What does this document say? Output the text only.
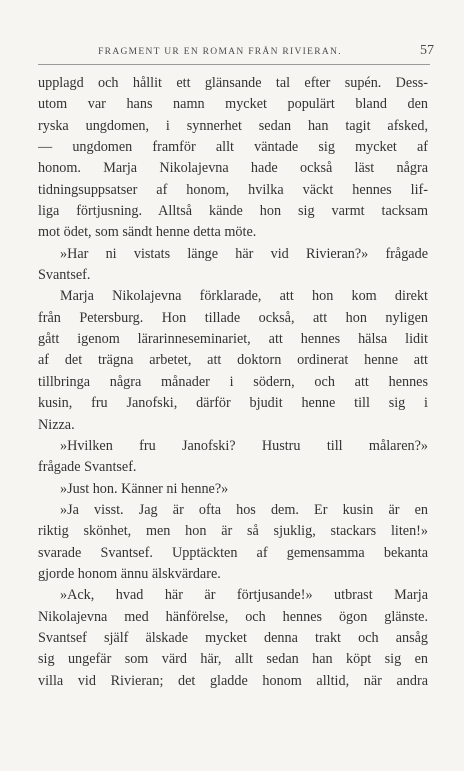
FRAGMENT UR EN ROMAN FRÅN RIVIERAN.	57
upplagd och hållit ett glänsande tal efter supén. Dess-
utom var hans namn mycket populärt bland den
ryska ungdomen, i synnerhet sedan han tagit afsked,
— ungdomen framför allt väntade sig mycket af
honom. Marja Nikolajevna hade också läst några
tidningsuppsatser af honom, hvilka väckt hennes lif-
liga förtjusning. Alltså kände hon sig varmt tacksam
mot ödet, som sändt henne detta möte.
»Har ni vistats länge här vid Rivieran?» frågade
Svantsef.
Marja Nikolajevna förklarade, att hon kom direkt
från Petersburg. Hon tillade också, att hon nyligen
gått igenom lärarinneseminariet, att hennes hälsa lidit
af det trägna arbetet, att doktorn ordinerat henne att
tillbringa några månader i södern, och att hennes
kusin, fru Janofski, därför bjudit henne till sig i
Nizza.
»Hvilken fru Janofski? Hustru till målaren?»
frågade Svantsef.
»Just hon. Känner ni henne?»
»Ja visst. Jag är ofta hos dem. Er kusin är en
riktig skönhet, men hon är så sjuklig, stackars liten!»
svarade Svantsef. Upptäckten af gemensamma bekanta
gjorde honom ännu älskvärdare.
»Ack, hvad här är förtjusande!» utbrast Marja
Nikolajevna med hänförelse, och hennes ögon glänste.
Svantsef själf älskade mycket denna trakt och ansåg
sig ungefär som värd här, allt sedan han köpt sig en
villa vid Rivieran; det gladde honom alltid, när andra
